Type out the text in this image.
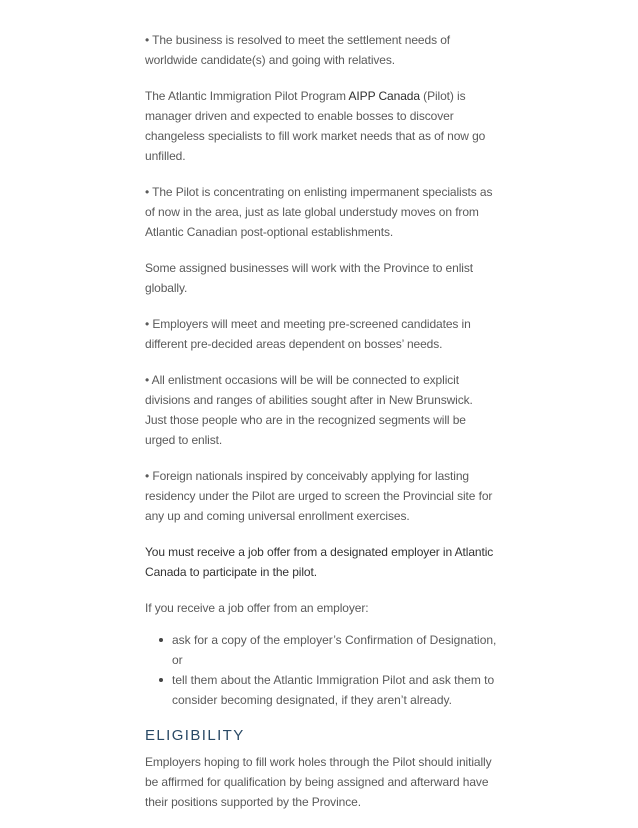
• The business is resolved to meet the settlement needs of worldwide candidate(s) and going with relatives.

The Atlantic Immigration Pilot Program AIPP Canada (Pilot) is manager driven and expected to enable bosses to discover changeless specialists to fill work market needs that as of now go unfilled.

• The Pilot is concentrating on enlisting impermanent specialists as of now in the area, just as late global understudy moves on from Atlantic Canadian post-optional establishments.

Some assigned businesses will work with the Province to enlist globally.

• Employers will meet and meeting pre-screened candidates in different pre-decided areas dependent on bosses’ needs.

• All enlistment occasions will be will be connected to explicit divisions and ranges of abilities sought after in New Brunswick. Just those people who are in the recognized segments will be urged to enlist.

• Foreign nationals inspired by conceivably applying for lasting residency under the Pilot are urged to screen the Provincial site for any up and coming universal enrollment exercises.

You must receive a job offer from a designated employer in Atlantic Canada to participate in the pilot.

If you receive a job offer from an employer:

ask for a copy of the employer’s Confirmation of Designation, or
tell them about the Atlantic Immigration Pilot and ask them to consider becoming designated, if they aren’t already.
ELIGIBILITY

Employers hoping to fill work holes through the Pilot should initially be affirmed for qualification by being assigned and afterward have their positions supported by the Province.
